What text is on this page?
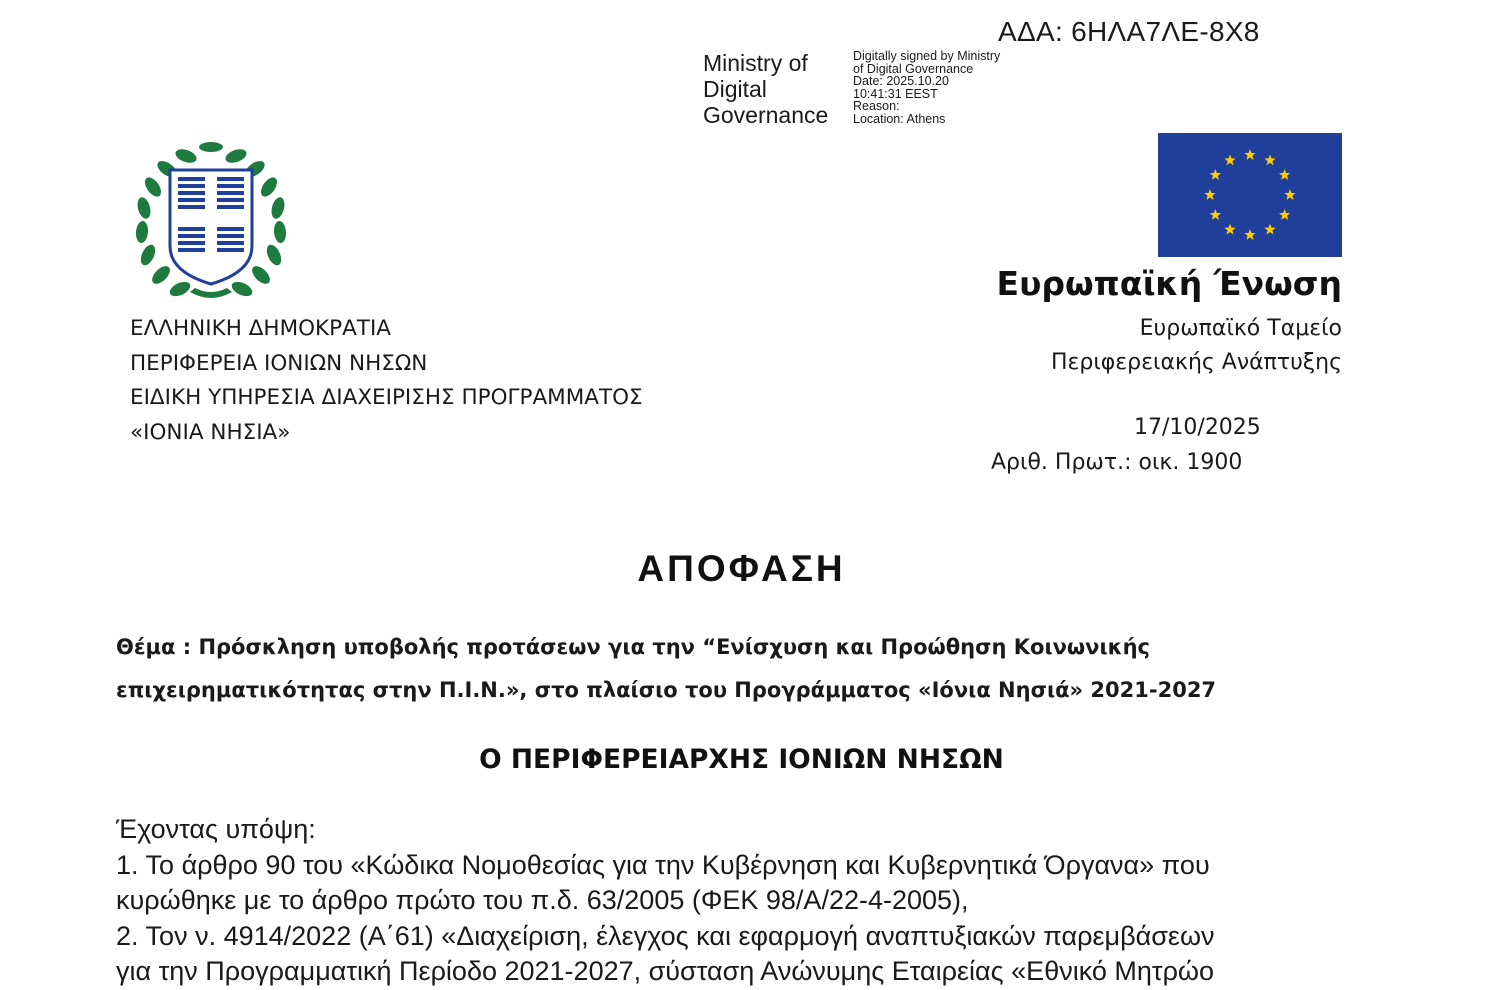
ΑΔΑ: 6ΗΛΑ7ΛΕ-8Χ8
Ministry of
Digital
Governance
Digitally signed by Ministry
of Digital Governance
Date: 2025.10.20
10:41:31 EEST
Reason:
Location: Athens
ΕΛΛΗΝΙΚΗ ΔΗΜΟΚΡΑΤΙΑ
ΠΕΡΙΦΕΡΕΙΑ ΙΟΝΙΩΝ ΝΗΣΩΝ
ΕΙΔΙΚΗ ΥΠΗΡΕΣΙΑ ΔΙΑΧΕΙΡΙΣΗΣ ΠΡΟΓΡΑΜΜΑΤΟΣ
«ΙΟΝΙΑ ΝΗΣΙΑ»
Ευρωπαϊκή Ένωση
Ευρωπαϊκό Ταμείο
Περιφερειακής Ανάπτυξης
17/10/2025
Αριθ. Πρωτ.: οικ. 1900
ΑΠΟΦΑΣΗ
Θέμα : Πρόσκληση υποβολής προτάσεων για την “Ενίσχυση και Προώθηση Κοινωνικής
επιχειρηματικότητας στην Π.Ι.Ν.», στο πλαίσιο του Προγράμματος «Ιόνια Νησιά» 2021-2027
Ο ΠΕΡΙΦΕΡΕΙΑΡΧΗΣ ΙΟΝΙΩΝ ΝΗΣΩΝ
Έχοντας υπόψη:
1. Το άρθρο 90 του «Κώδικα Νομοθεσίας για την Κυβέρνηση και Κυβερνητικά Όργανα» που
κυρώθηκε με το άρθρο πρώτο του π.δ. 63/2005 (ΦΕΚ 98/Α/22-4-2005),
2. Τον ν. 4914/2022 (Α΄61) «Διαχείριση, έλεγχος και εφαρμογή αναπτυξιακών παρεμβάσεων
για την Προγραμματική Περίοδο 2021-2027, σύσταση Ανώνυμης Εταιρείας «Εθνικό Μητρώο
